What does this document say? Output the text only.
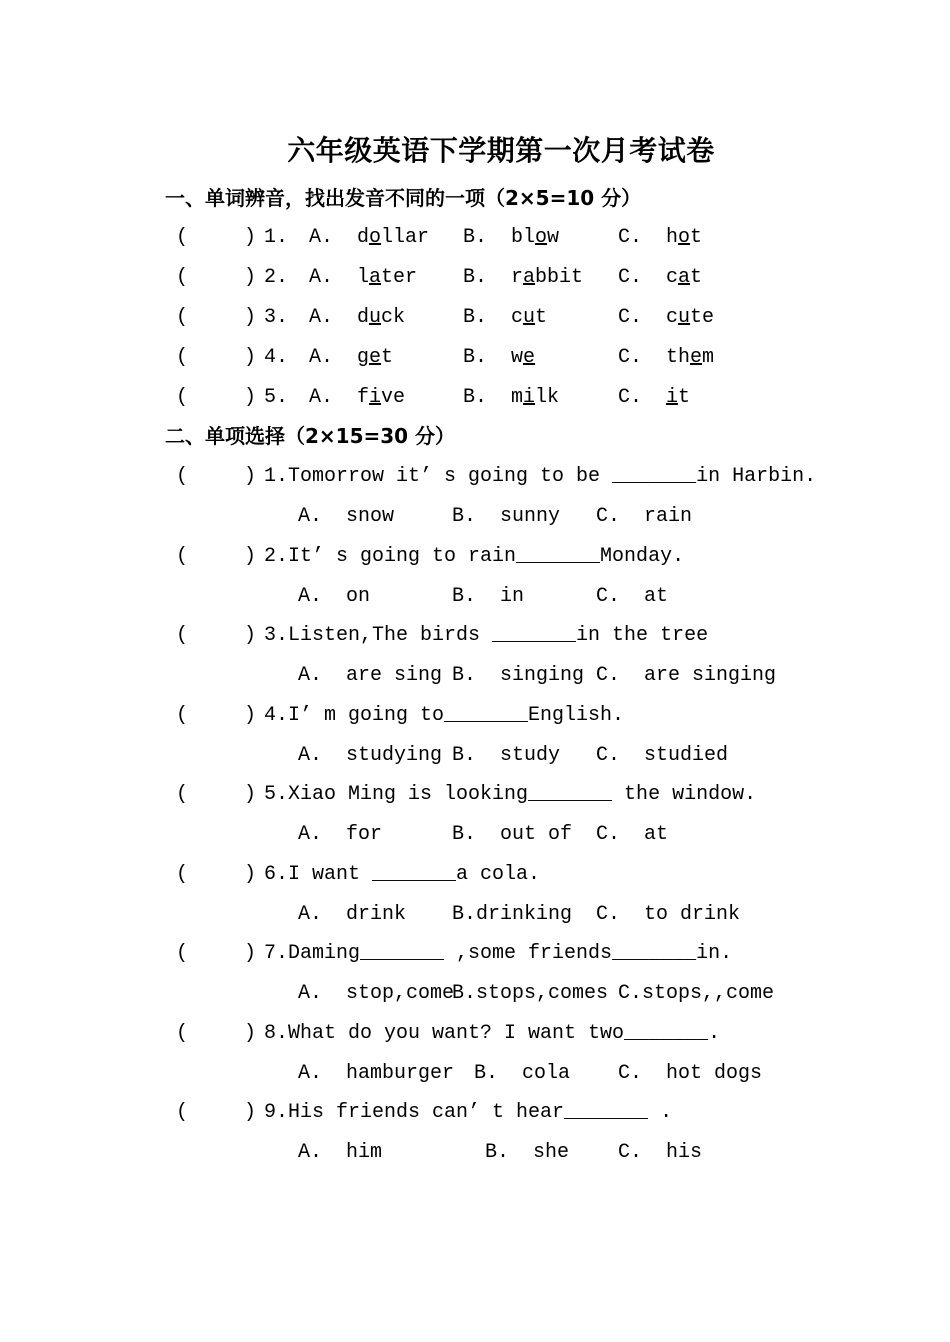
六年级英语下学期第一次月考试卷
一、单词辨音，找出发音不同的一项（2×5=10 分）
(	) 1. A.  dollar B.  blow	C.  hot
(	) 2. A.  later B.  rabbit C.  cat
(	) 3. A.  duck	B.  cut	C.  cute
(	) 4. A.  get	B.  we	C.  them
(	) 5. A.  five	B.  milk	C.  it
二、单项选择（2×15=30 分）
(	) 1.Tomorrow it’ s going to be _______in Harbin.
A.  snow	B.  sunny C.  rain
(	) 2.It’ s going to rain_______Monday.
A.  on	B.  in	C.  at
(	) 3.Listen,The birds _______in the tree
A.  are sing B.  singing C.  are singing
(	) 4.I’ m going to_______English.
A.  studying B.  study C.  studied
(	) 5.Xiao Ming is looking_______ the window.
A.  for	B.  out of C.  at
(	) 6.I want _______a cola.
A.  drink B.drinking C.  to drink
(	) 7.Daming_______ ,some friends_______in.
A.  stop,come
B.stops,comes C.stops,,come
(	) 8.What do you want? I want two_______.
A.  hamburger B.  cola C.  hot dogs
(	) 9.His friends can’ t hear_______ .
A.  him	B.  she C.  his
